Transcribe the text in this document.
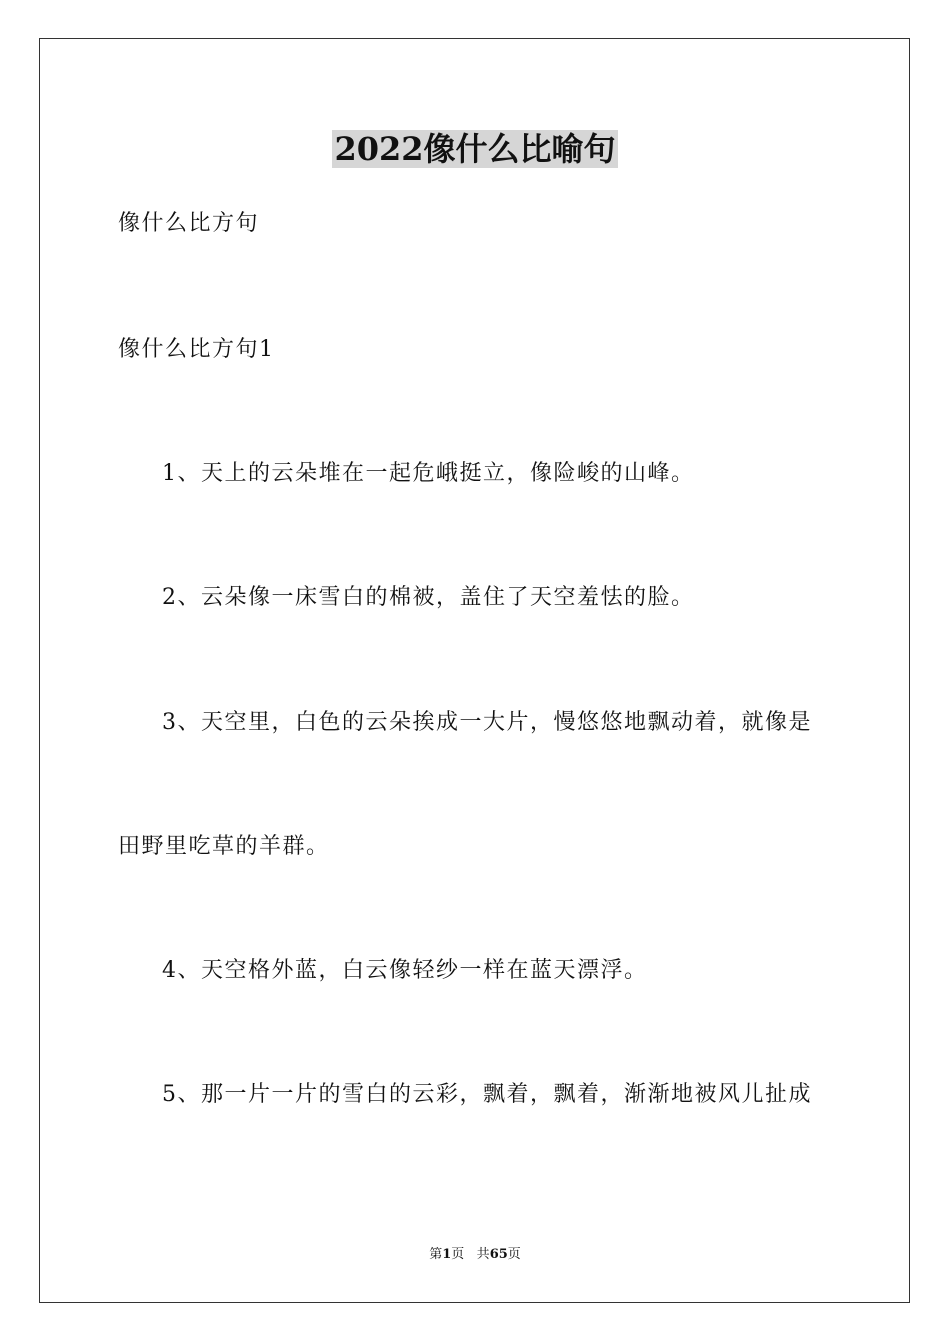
2022像什么比喻句

像什么比方句

像什么比方句1

1、天上的云朵堆在一起危峨挺立，像险峻的山峰。

2、云朵像一床雪白的棉被，盖住了天空羞怯的脸。

3、天空里，白色的云朵挨成一大片，慢悠悠地飘动着，就像是

田野里吃草的羊群。

4、天空格外蓝，白云像轻纱一样在蓝天漂浮。

5、那一片一片的雪白的云彩，飘着，飘着，渐渐地被风儿扯成

第1页 共65页
